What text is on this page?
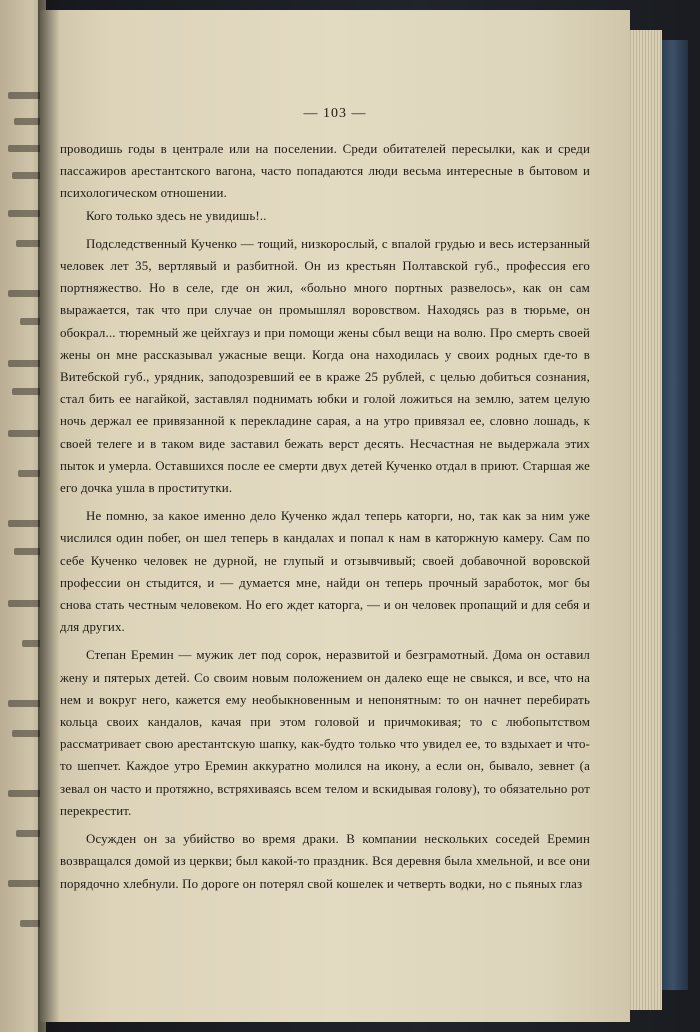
— 103 —

проводишь годы в централе или на поселении. Среди обитателей пересылки, как и среди пассажиров арестантского вагона, часто попадаются люди весьма интересные в бытовом и психологическом отношении.

Кого только здесь не увидишь!..

Подследственный Кученко — тощий, низкорослый, с впалой грудью и весь истерзанный человек лет 35, вертлявый и разбитной. Он из крестьян Полтавской губ., профессия его портняжество. Но в селе, где он жил, «больно много портных развелось», как он сам выражается, так что при случае он промышлял воровством. Находясь раз в тюрьме, он обокрал... тюремный же цейхгауз и при помощи жены сбыл вещи на волю. Про смерть своей жены он мне рассказывал ужасные вещи. Когда она находилась у своих родных где-то в Витебской губ., урядник, заподозревший ее в краже 25 рублей, с целью добиться сознания, стал бить ее нагайкой, заставлял поднимать юбки и голой ложиться на землю, затем целую ночь держал ее привязанной к перекладине сарая, а на утро привязал ее, словно лошадь, к своей телеге и в таком виде заставил бежать верст десять. Несчастная не выдержала этих пыток и умерла. Оставшихся после ее смерти двух детей Кученко отдал в приют. Старшая же его дочка ушла в проститутки.

Не помню, за какое именно дело Кученко ждал теперь каторги, но, так как за ним уже числился один побег, он шел теперь в кандалах и попал к нам в каторжную камеру. Сам по себе Кученко человек не дурной, не глупый и отзывчивый; своей добавочной воровской профессии он стыдится, и — думается мне, найди он теперь прочный заработок, мог бы снова стать честным человеком. Но его ждет каторга, — и он человек пропащий и для себя и для других.

Степан Еремин — мужик лет под сорок, неразвитой и безграмотный. Дома он оставил жену и пятерых детей. Со своим новым положением он далеко еще не свыкся, и все, что на нем и вокруг него, кажется ему необыкновенным и непонятным: то он начнет перебирать кольца своих кандалов, качая при этом головой и причмокивая; то с любопытством рассматривает свою арестантскую шапку, как-будто только что увидел ее, то вздыхает и что-то шепчет. Каждое утро Еремин аккуратно молился на икону, а если он, бывало, зевнет (а зевал он часто и протяжно, встряхиваясь всем телом и вскидывая голову), то обязательно рот перекрестит.

Осужден он за убийство во время драки. В компании нескольких соседей Еремин возвращался домой из церкви; был какой-то праздник. Вся деревня была хмельной, и все они порядочно хлебнули. По дороге он потерял свой кошелек и четверть водки, но с пьяных глаз
